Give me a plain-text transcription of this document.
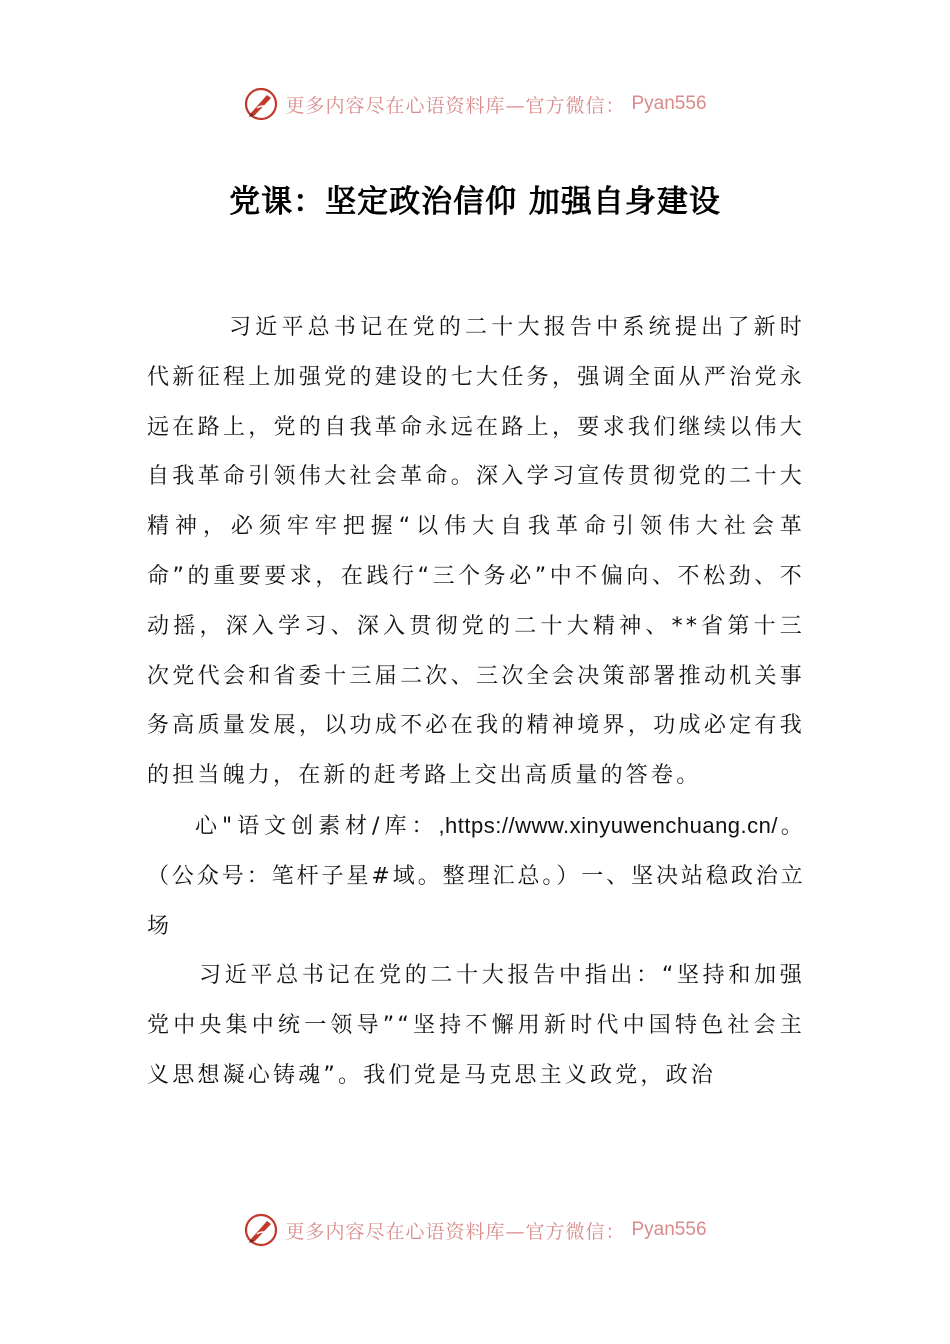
更多内容尽在心语资料库—官方微信： Pyan556
党课：坚定政治信仰 加强自身建设

习近平总书记在党的二十大报告中系统提出了新时代新征程上加强党的建设的七大任务，强调全面从严治党永远在路上，党的自我革命永远在路上，要求我们继续以伟大自我革命引领伟大社会革命。深入学习宣传贯彻党的二十大精神，必须牢牢把握“以伟大自我革命引领伟大社会革命”的重要要求，在践行“三个务必”中不偏向、不松劲、不动摇，深入学习、深入贯彻党的二十大精神、**省第十三次党代会和省委十三届二次、三次全会决策部署推动机关事务高质量发展，以功成不必在我的精神境界，功成必定有我的担当魄力，在新的赶考路上交出高质量的答卷。

心"语文创素材/库：,https://www.xinyuwenchuang.cn/。（公众号：笔杆子星#域。整理汇总。）一、坚决站稳政治立场

习近平总书记在党的二十大报告中指出：“坚持和加强党中央集中统一领导”“坚持不懈用新时代中国特色社会主义思想凝心铸魂”。我们党是马克思主义政党，政治

更多内容尽在心语资料库—官方微信： Pyan556
